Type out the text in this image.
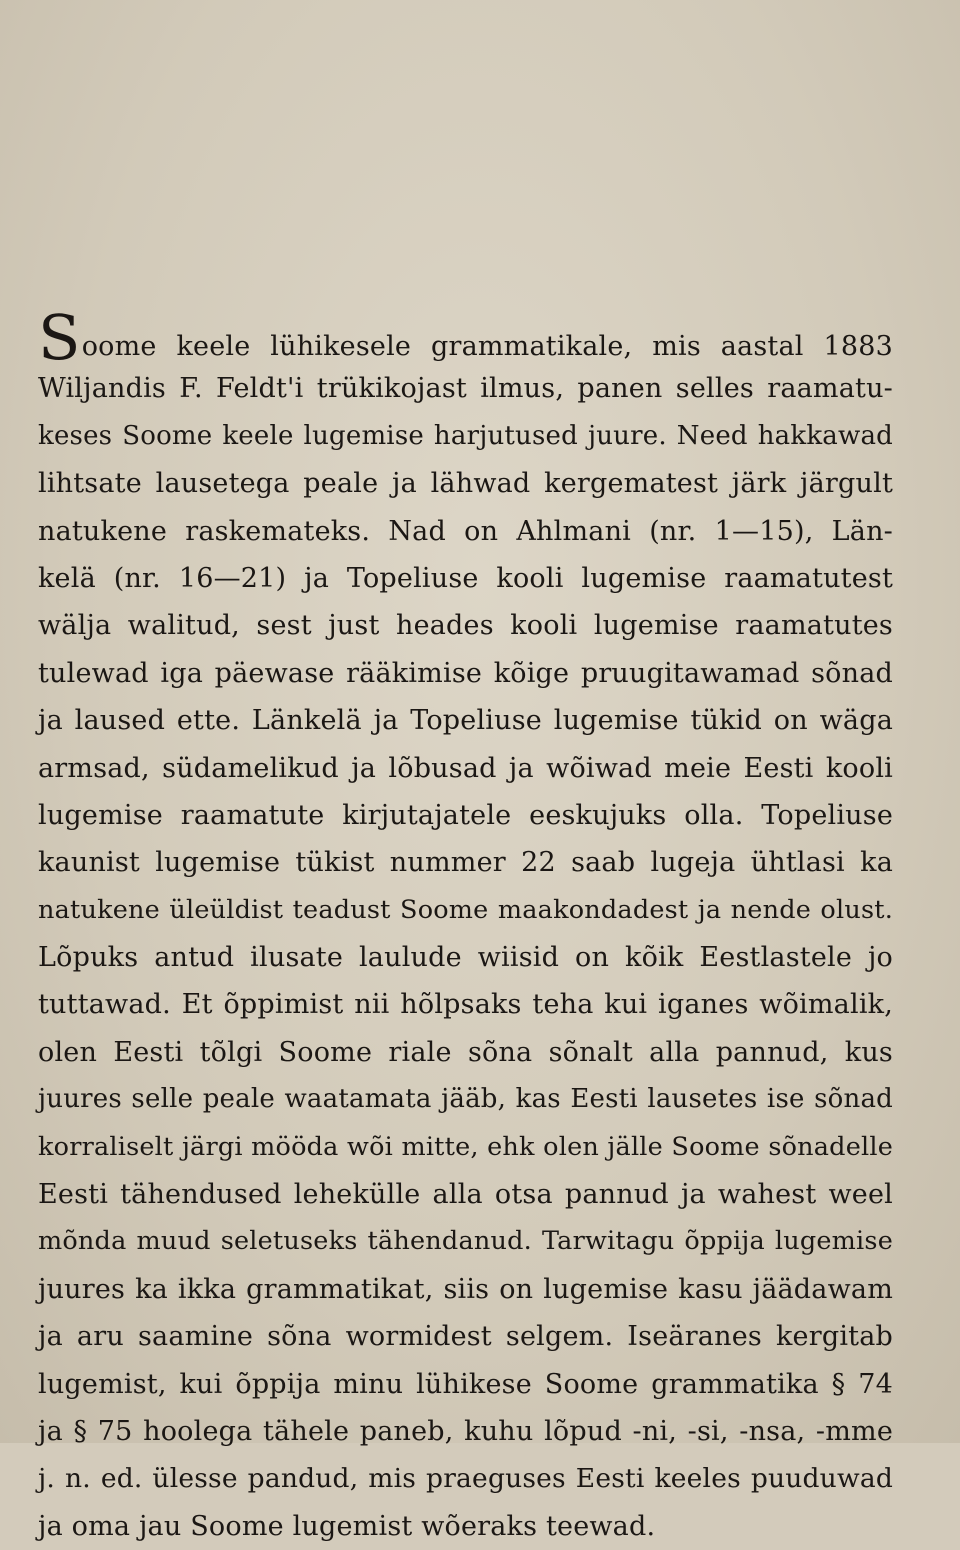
Soome keele lühikesele grammatikale, mis aastal 1883
Wiljandis F. Feldt'i trükikojast ilmus, panen selles raamatu-
keses Soome keele lugemise harjutused juure. Need hakkawad
lihtsate lausetega peale ja lähwad kergematest järk järgult
natukene raskemateks. Nad on Ahlmani (nr. 1—15), Län-
kelä (nr. 16—21) ja Topeliuse kooli lugemise raamatutest
wälja walitud, sest just heades kooli lugemise raamatutes
tulewad iga päewase rääkimise kõige pruugitawamad sõnad
ja laused ette. Länkelä ja Topeliuse lugemise tükid on wäga
armsad, südamelikud ja lõbusad ja wõiwad meie Eesti kooli
lugemise raamatute kirjutajatele eeskujuks olla. Topeliuse
kaunist lugemise tükist nummer 22 saab lugeja ühtlasi ka
natukene üleüldist teadust Soome maakondadest ja nende olust.
Lõpuks antud ilusate laulude wiisid on kõik Eestlastele jo
tuttawad. Et õppimist nii hõlpsaks teha kui iganes wõimalik,
olen Eesti tõlgi Soome riale sõna sõnalt alla pannud, kus
juures selle peale waatamata jääb, kas Eesti lausetes ise sõnad
korraliselt järgi mööda wõi mitte, ehk olen jälle Soome sõnadelle
Eesti tähendused lehekülle alla otsa pannud ja wahest weel
mõnda muud seletuseks tähendanud. Tarwitagu õppija lugemise
juures ka ikka grammatikat, siis on lugemise kasu jäädawam
ja aru saamine sõna wormidest selgem. Iseäranes kergitab
lugemist, kui õppija minu lühikese Soome grammatika § 74
ja § 75 hoolega tähele paneb, kuhu lõpud -ni, -si, -nsa, -mme
j. n. ed. ülesse pandud, mis praeguses Eesti keeles puuduwad
ja oma jau Soome lugemist wõeraks teewad.
